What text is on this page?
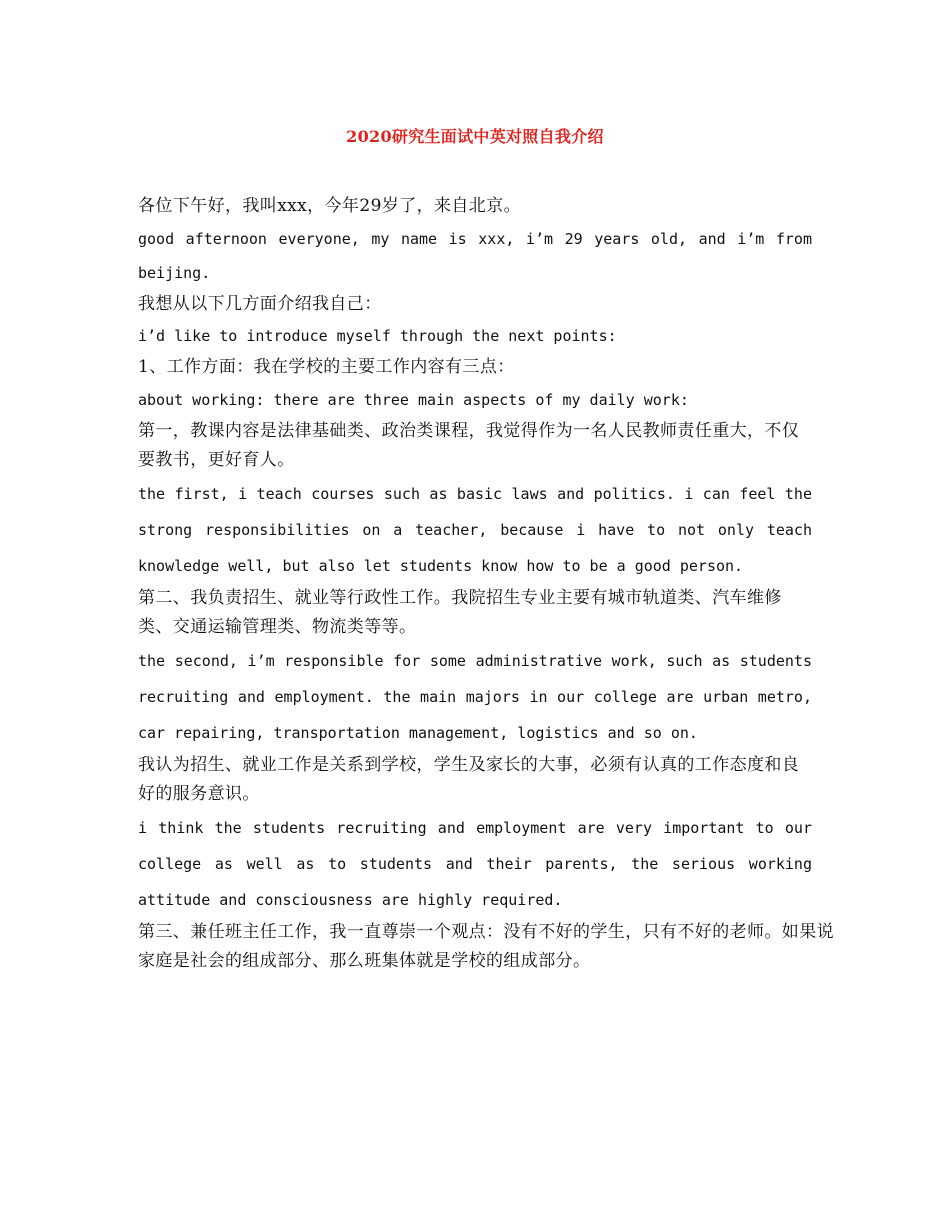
2020研究生面试中英对照自我介绍

各位下午好，我叫xxx，今年29岁了，来自北京。

good afternoon everyone, my name is xxx, i’m 29 years old, and i’m from beijing.

我想从以下几方面介绍我自己：

i’d like to introduce myself through the next points:

1、工作方面：我在学校的主要工作内容有三点：

about working: there are three main aspects of my daily work:

第一，教课内容是法律基础类、政治类课程，我觉得作为一名人民教师责任重大，不仅要教书，更好育人。

the first, i teach courses such as basic laws and politics. i can feel the strong responsibilities on a teacher, because i have to not only teach knowledge well, but also let students know how to be a good person.

第二、我负责招生、就业等行政性工作。我院招生专业主要有城市轨道类、汽车维修类、交通运输管理类、物流类等等。

the second, i’m responsible for some administrative work, such as students recruiting and employment. the main majors in our college are urban metro, car repairing, transportation management, logistics and so on.

我认为招生、就业工作是关系到学校，学生及家长的大事，必须有认真的工作态度和良好的服务意识。

i think the students recruiting and employment are very important to our college as well as to students and their parents, the serious working attitude and consciousness are highly required.

第三、兼任班主任工作，我一直尊崇一个观点：没有不好的学生，只有不好的老师。如果说家庭是社会的组成部分、那么班集体就是学校的组成部分。
